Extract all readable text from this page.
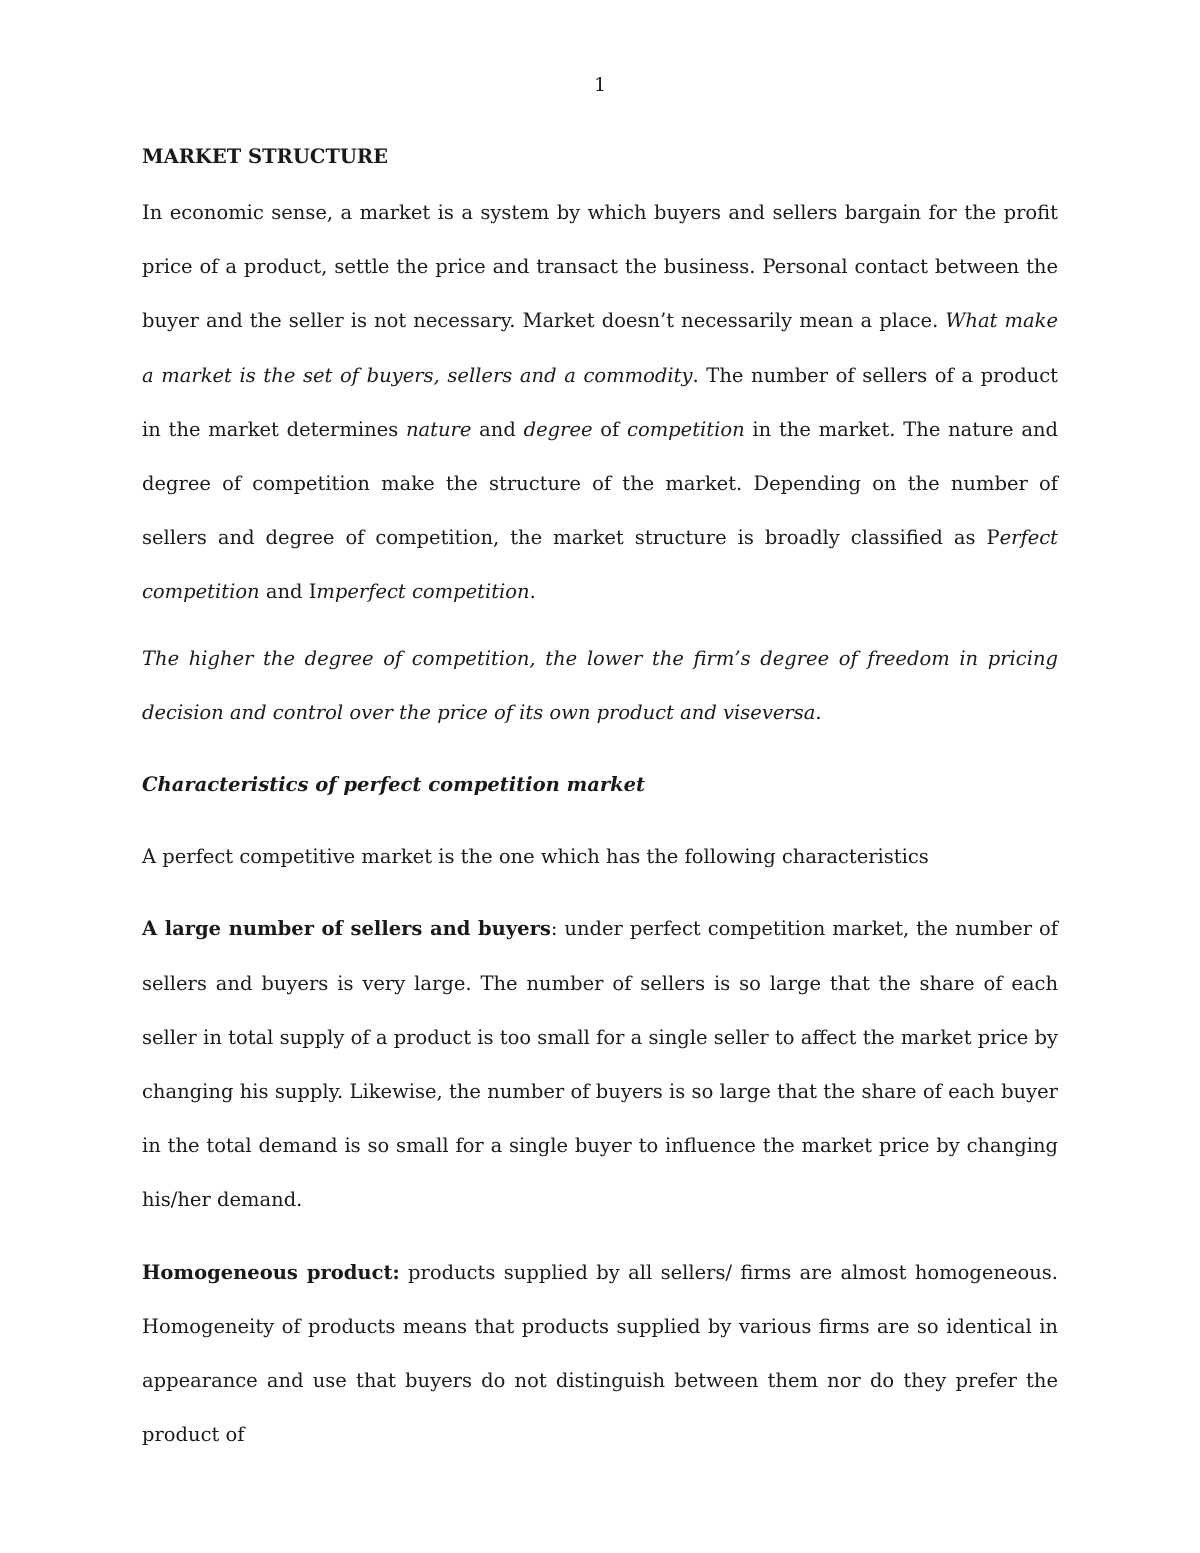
1
MARKET STRUCTURE

In economic sense, a market is a system by which buyers and sellers bargain for the profit price of a product, settle the price and transact the business. Personal contact between the buyer and the seller is not necessary. Market doesn’t necessarily mean a place. What make a market is the set of buyers, sellers and a commodity. The number of sellers of a product in the market determines nature and degree of competition in the market. The nature and degree of competition make the structure of the market. Depending on the number of sellers and degree of competition, the market structure is broadly classified as Perfect competition and Imperfect competition.

The higher the degree of competition, the lower the firm’s degree of freedom in pricing decision and control over the price of its own product and viseversa.

Characteristics of perfect competition market

A perfect competitive market is the one which has the following characteristics

A large number of sellers and buyers: under perfect competition market, the number of sellers and buyers is very large. The number of sellers is so large that the share of each seller in total supply of a product is too small for a single seller to affect the market price by changing his supply. Likewise, the number of buyers is so large that the share of each buyer in the total demand is so small for a single buyer to influence the market price by changing his/her demand.

Homogeneous product: products supplied by all sellers/ firms are almost homogeneous. Homogeneity of products means that products supplied by various firms are so identical in appearance and use that buyers do not distinguish between them nor do they prefer the product of
